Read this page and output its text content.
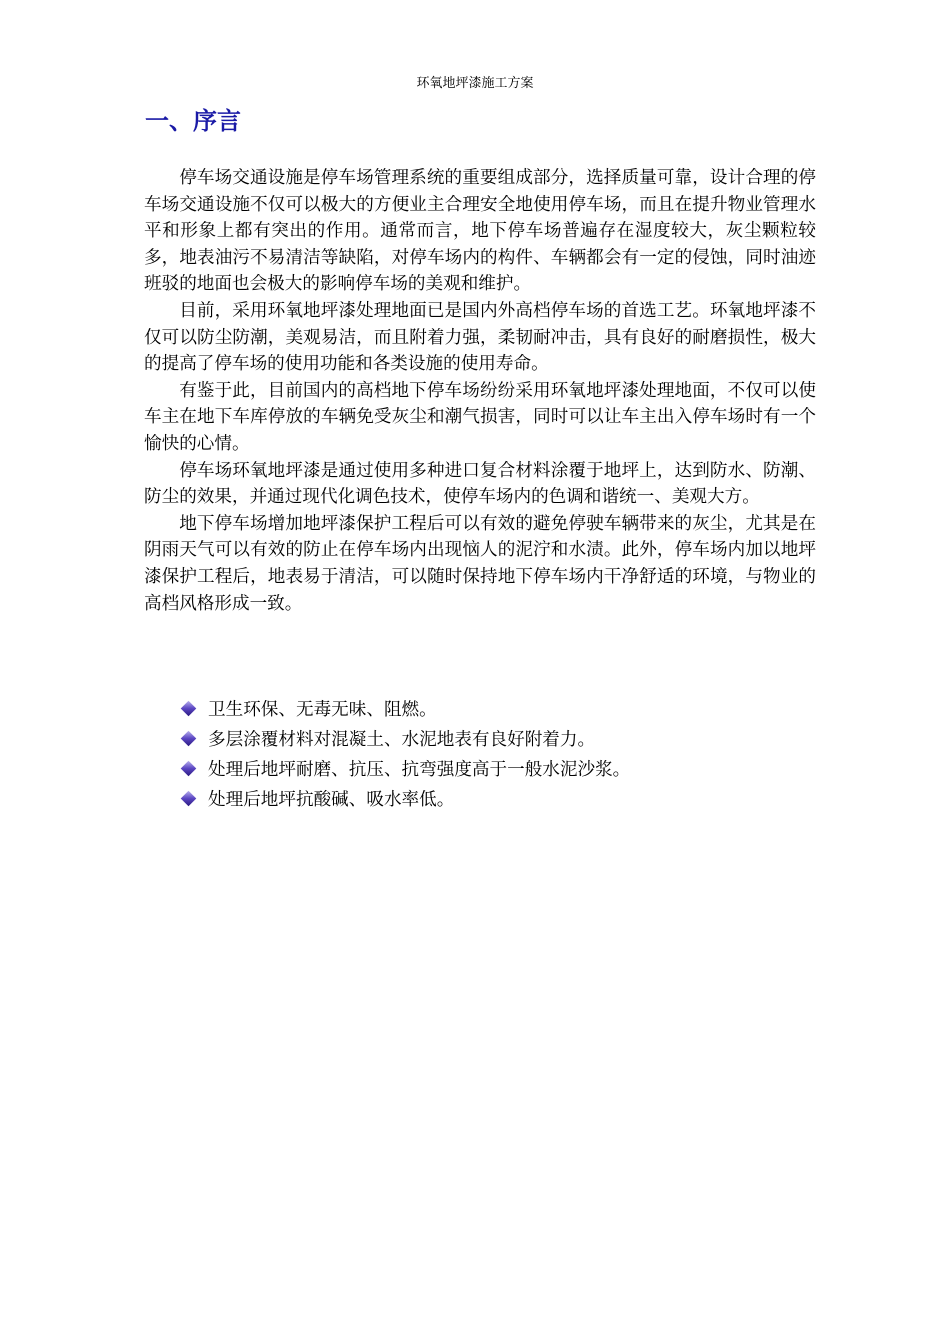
环氧地坪漆施工方案
一、序言

停车场交通设施是停车场管理系统的重要组成部分，选择质量可靠，设计合理的停车场交通设施不仅可以极大的方便业主合理安全地使用停车场，而且在提升物业管理水平和形象上都有突出的作用。通常而言，地下停车场普遍存在湿度较大，灰尘颗粒较多，地表油污不易清洁等缺陷，对停车场内的构件、车辆都会有一定的侵蚀，同时油迹班驳的地面也会极大的影响停车场的美观和维护。

目前，采用环氧地坪漆处理地面已是国内外高档停车场的首选工艺。环氧地坪漆不仅可以防尘防潮，美观易洁，而且附着力强，柔韧耐冲击，具有良好的耐磨损性，极大的提高了停车场的使用功能和各类设施的使用寿命。

有鉴于此，目前国内的高档地下停车场纷纷采用环氧地坪漆处理地面，不仅可以使车主在地下车库停放的车辆免受灰尘和潮气损害，同时可以让车主出入停车场时有一个愉快的心情。

停车场环氧地坪漆是通过使用多种进口复合材料涂覆于地坪上，达到防水、防潮、防尘的效果，并通过现代化调色技术，使停车场内的色调和谐统一、美观大方。

地下停车场增加地坪漆保护工程后可以有效的避免停驶车辆带来的灰尘，尤其是在阴雨天气可以有效的防止在停车场内出现恼人的泥泞和水渍。此外，停车场内加以地坪漆保护工程后，地表易于清洁，可以随时保持地下停车场内干净舒适的环境，与物业的高档风格形成一致。

卫生环保、无毒无味、阻燃。
多层涂覆材料对混凝土、水泥地表有良好附着力。
处理后地坪耐磨、抗压、抗弯强度高于一般水泥沙浆。
处理后地坪抗酸碱、吸水率低。
